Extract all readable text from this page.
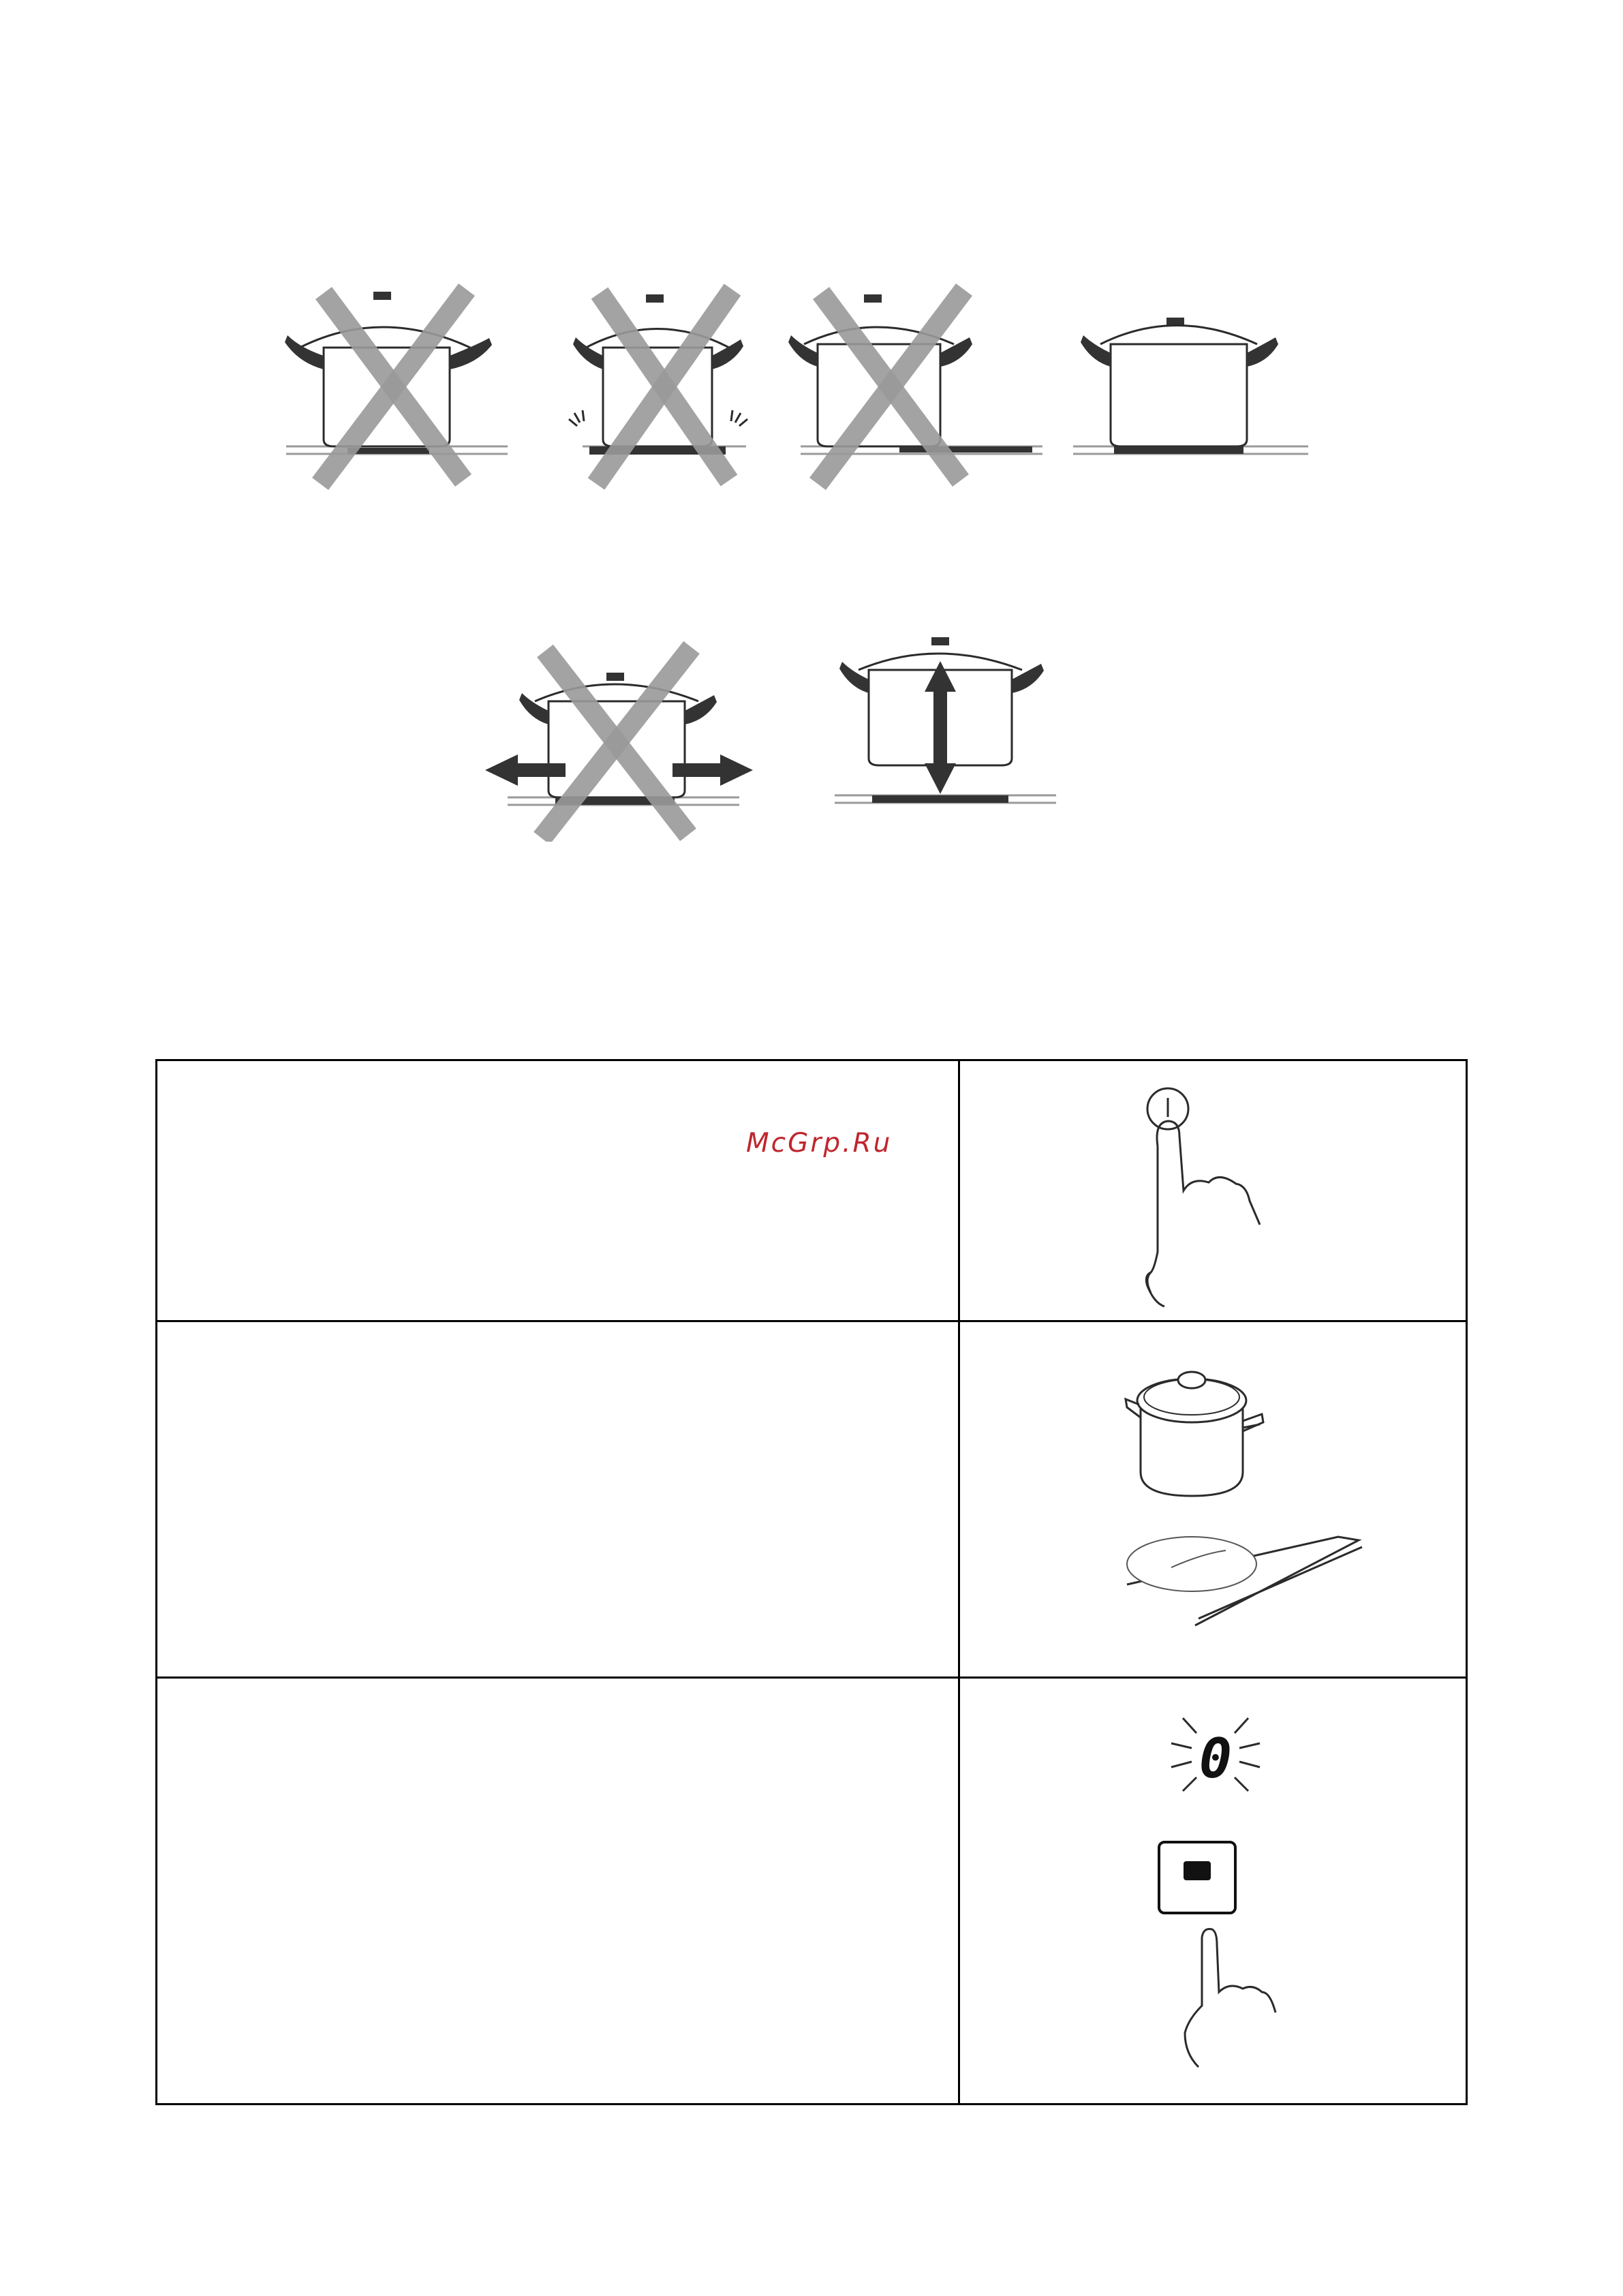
McGrp.Ru
0
